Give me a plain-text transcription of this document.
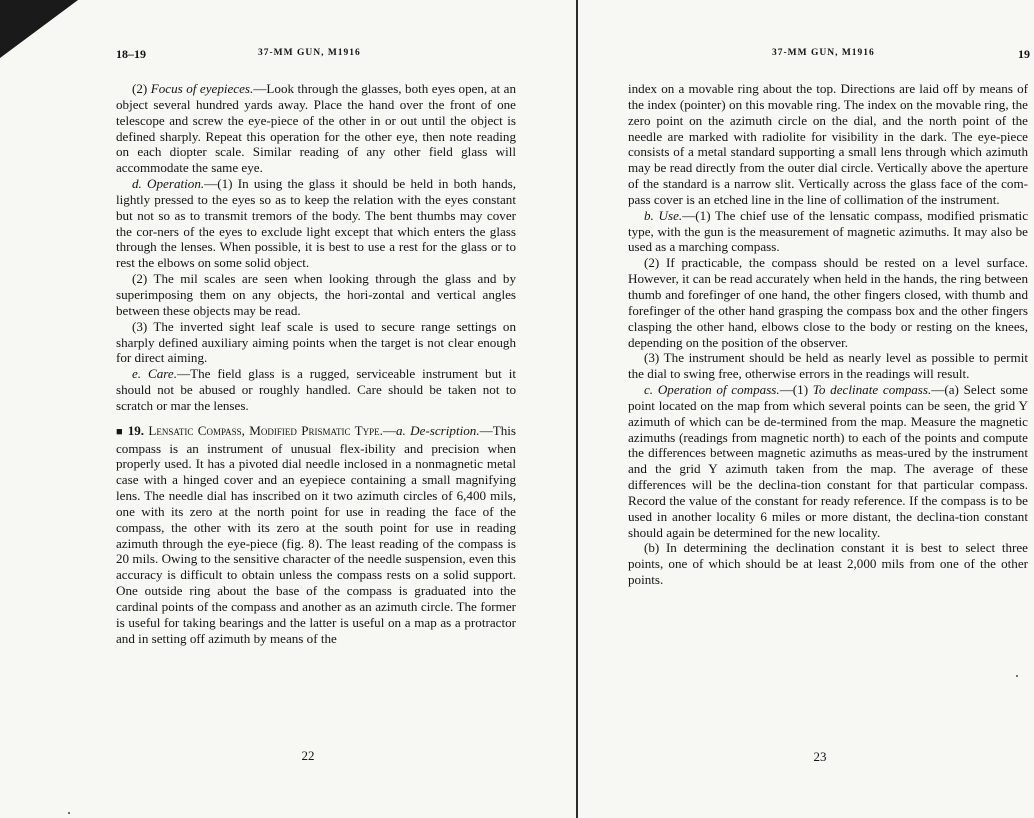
18–19	37-MM GUN, M1916

(2) Focus of eyepieces.—Look through the glasses, both eyes open, at an object several hundred yards away. Place the hand over the front of one telescope and screw the eye-piece of the other in or out until the object is defined sharply. Repeat this operation for the other eye, then note reading on each diopter scale. Similar reading of any other field glass will accommodate the same eye.

d. Operation.—(1) In using the glass it should be held in both hands, lightly pressed to the eyes so as to keep the relation with the eyes constant but not so as to transmit tremors of the body. The bent thumbs may cover the cor-ners of the eyes to exclude light except that which enters the glass through the lenses. When possible, it is best to use a rest for the glass or to rest the elbows on some solid object.

(2) The mil scales are seen when looking through the glass and by superimposing them on any objects, the hori-zontal and vertical angles between these objects may be read.

(3) The inverted sight leaf scale is used to secure range settings on sharply defined auxiliary aiming points when the target is not clear enough for direct aiming.

e. Care.—The field glass is a rugged, serviceable instrument but it should not be abused or roughly handled. Care should be taken not to scratch or mar the lenses.

■ 19. Lensatic Compass, Modified Prismatic Type.—a. De-scription.—This compass is an instrument of unusual flex-ibility and precision when properly used. It has a pivoted dial needle inclosed in a nonmagnetic metal case with a hinged cover and an eyepiece containing a small magnifying lens. The needle dial has inscribed on it two azimuth circles of 6,400 mils, one with its zero at the north point for use in reading the face of the compass, the other with its zero at the south point for use in reading azimuth through the eye-piece (fig. 8). The least reading of the compass is 20 mils. Owing to the sensitive character of the needle suspension, even this accuracy is difficult to obtain unless the compass rests on a solid support. One outside ring about the base of the compass is graduated into the cardinal points of the compass and another as an azimuth circle. The former is useful for taking bearings and the latter is useful on a map as a protractor and in setting off azimuth by means of the

22
37-MM GUN, M1916	19

index on a movable ring about the top. Directions are laid off by means of the index (pointer) on this movable ring. The index on the movable ring, the zero point on the azimuth circle on the dial, and the north point of the needle are marked with radiolite for visibility in the dark. The eye-piece consists of a metal standard supporting a small lens through which azimuth may be read directly from the outer dial circle. Vertically above the aperture of the standard is a narrow slit. Vertically across the glass face of the com-pass cover is an etched line in the line of collimation of the instrument.

b. Use.—(1) The chief use of the lensatic compass, modified prismatic type, with the gun is the measurement of magnetic azimuths. It may also be used as a marching compass.

(2) If practicable, the compass should be rested on a level surface. However, it can be read accurately when held in the hands, the ring between thumb and forefinger of one hand, the other fingers closed, with thumb and forefinger of the other hand grasping the compass box and the other fingers clasping the other hand, elbows close to the body or resting on the knees, depending on the position of the observer.

(3) The instrument should be held as nearly level as possible to permit the dial to swing free, otherwise errors in the readings will result.

c. Operation of compass.—(1) To declinate compass.—(a) Select some point located on the map from which several points can be seen, the grid Y azimuth of which can be de-termined from the map. Measure the magnetic azimuths (readings from magnetic north) to each of the points and compute the differences between magnetic azimuths as meas-ured by the instrument and the grid Y azimuth taken from the map. The average of these differences will be the declina-tion constant for that particular compass. Record the value of the constant for ready reference. If the compass is to be used in another locality 6 miles or more distant, the declina-tion constant should again be determined for the new locality.

(b) In determining the declination constant it is best to select three points, one of which should be at least 2,000 mils from one of the other points.

23
